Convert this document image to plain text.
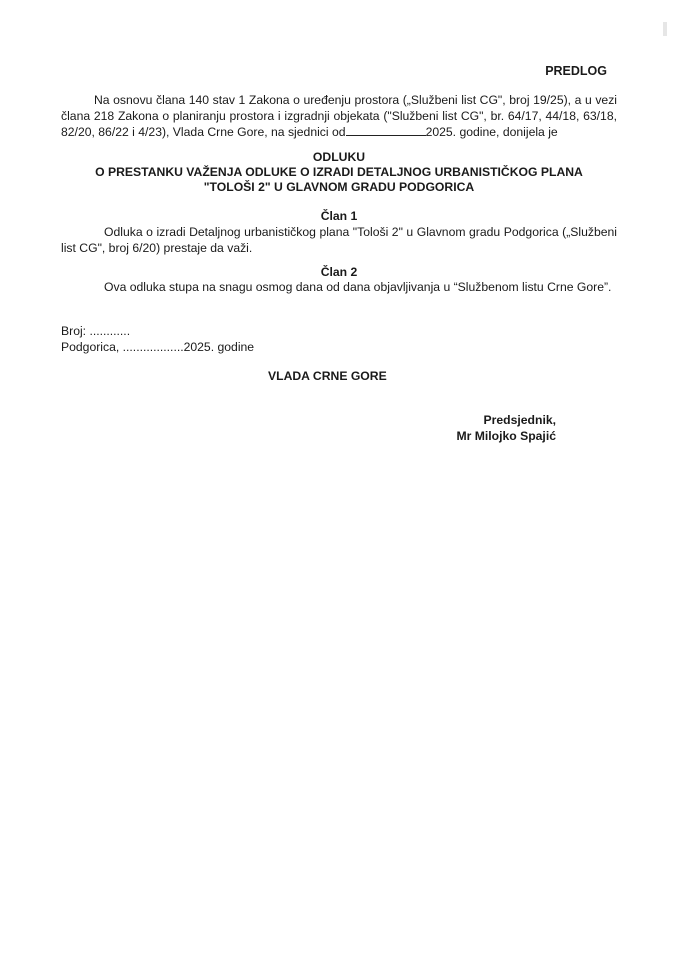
PREDLOG
Na osnovu člana 140 stav 1 Zakona o uređenju prostora („Službeni list CG", broj 19/25), a u vezi člana 218 Zakona o planiranju prostora i izgradnji objekata ("Službeni list CG", br. 64/17, 44/18, 63/18, 82/20, 86/22 i 4/23), Vlada Crne Gore, na sjednici od	2025. godine, donijela je
ODLUKU
O PRESTANKU VAŽENJA ODLUKE O IZRADI DETALJNOG URBANISTIČKOG PLANA
"TOLOŠI 2" U GLAVNOM GRADU PODGORICA
Član 1
Odluka o izradi Detaljnog urbanističkog plana "Tološi 2" u Glavnom gradu Podgorica („Službeni list CG", broj 6/20) prestaje da važi.
Član 2
Ova odluka stupa na snagu osmog dana od dana objavljivanja u “Službenom listu Crne Gore”.
Broj: ............
Podgorica, ..................2025. godine
VLADA CRNE GORE
Predsjednik,
Mr Milojko Spajić
